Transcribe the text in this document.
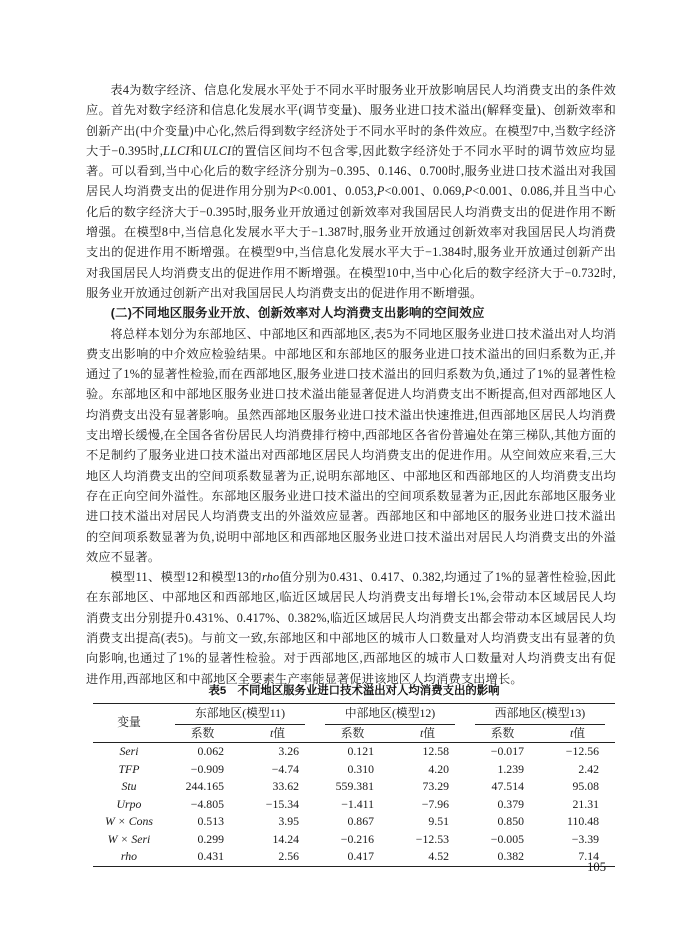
表4为数字经济、信息化发展水平处于不同水平时服务业开放影响居民人均消费支出的条件效应。首先对数字经济和信息化发展水平(调节变量)、服务业进口技术溢出(解释变量)、创新效率和创新产出(中介变量)中心化,然后得到数字经济处于不同水平时的条件效应。在模型7中,当数字经济大于−0.395时,LLCI和ULCI的置信区间均不包含零,因此数字经济处于不同水平时的调节效应均显著。可以看到,当中心化后的数字经济分别为−0.395、0.146、0.700时,服务业进口技术溢出对我国居民人均消费支出的促进作用分别为P<0.001、0.053,P<0.001、0.069,P<0.001、0.086,并且当中心化后的数字经济大于−0.395时,服务业开放通过创新效率对我国居民人均消费支出的促进作用不断增强。在模型8中,当信息化发展水平大于−1.387时,服务业开放通过创新效率对我国居民人均消费支出的促进作用不断增强。在模型9中,当信息化发展水平大于−1.384时,服务业开放通过创新产出对我国居民人均消费支出的促进作用不断增强。在模型10中,当中心化后的数字经济大于−0.732时,服务业开放通过创新产出对我国居民人均消费支出的促进作用不断增强。

(二)不同地区服务业开放、创新效率对人均消费支出影响的空间效应

将总样本划分为东部地区、中部地区和西部地区,表5为不同地区服务业进口技术溢出对人均消费支出影响的中介效应检验结果。中部地区和东部地区的服务业进口技术溢出的回归系数为正,并通过了1%的显著性检验,而在西部地区,服务业进口技术溢出的回归系数为负,通过了1%的显著性检验。东部地区和中部地区服务业进口技术溢出能显著促进人均消费支出不断提高,但对西部地区人均消费支出没有显著影响。虽然西部地区服务业进口技术溢出快速推进,但西部地区居民人均消费支出增长缓慢,在全国各省份居民人均消费排行榜中,西部地区各省份普遍处在第三梯队,其他方面的不足制约了服务业进口技术溢出对西部地区居民人均消费支出的促进作用。从空间效应来看,三大地区人均消费支出的空间项系数显著为正,说明东部地区、中部地区和西部地区的人均消费支出均存在正向空间外溢性。东部地区服务业进口技术溢出的空间项系数显著为正,因此东部地区服务业进口技术溢出对居民人均消费支出的外溢效应显著。西部地区和中部地区的服务业进口技术溢出的空间项系数显著为负,说明中部地区和西部地区服务业进口技术溢出对居民人均消费支出的外溢效应不显著。

模型11、模型12和模型13的rho值分别为0.431、0.417、0.382,均通过了1%的显著性检验,因此在东部地区、中部地区和西部地区,临近区域居民人均消费支出每增长1%,会带动本区域居民人均消费支出分别提升0.431%、0.417%、0.382%,临近区域居民人均消费支出都会带动本区域居民人均消费支出提高(表5)。与前文一致,东部地区和中部地区的城市人口数量对人均消费支出有显著的负向影响,也通过了1%的显著性检验。对于西部地区,西部地区的城市人口数量对人均消费支出有促进作用,西部地区和中部地区全要素生产率能显著促进该地区人均消费支出增长。

表5　不同地区服务业进口技术溢出对人均消费支出的影响
变量	东部地区(模型11)		中部地区(模型12)		西部地区(模型13)	

	系数	t值	系数	t值	系数	t值
Seri	0.062	3.26	0.121	12.58	−0.017	−12.56
TFP	−0.909	−4.74	0.310	4.20	1.239	2.42
Stu	244.165	33.62	559.381	73.29	47.514	95.08
Urpo	−4.805	−15.34	−1.411	−7.96	0.379	21.31
W × Cons	0.513	3.95	0.867	9.51	0.850	110.48
W × Seri	0.299	14.24	−0.216	−12.53	−0.005	−3.39
rho	0.431	2.56	0.417	4.52	0.382	7.14
105
